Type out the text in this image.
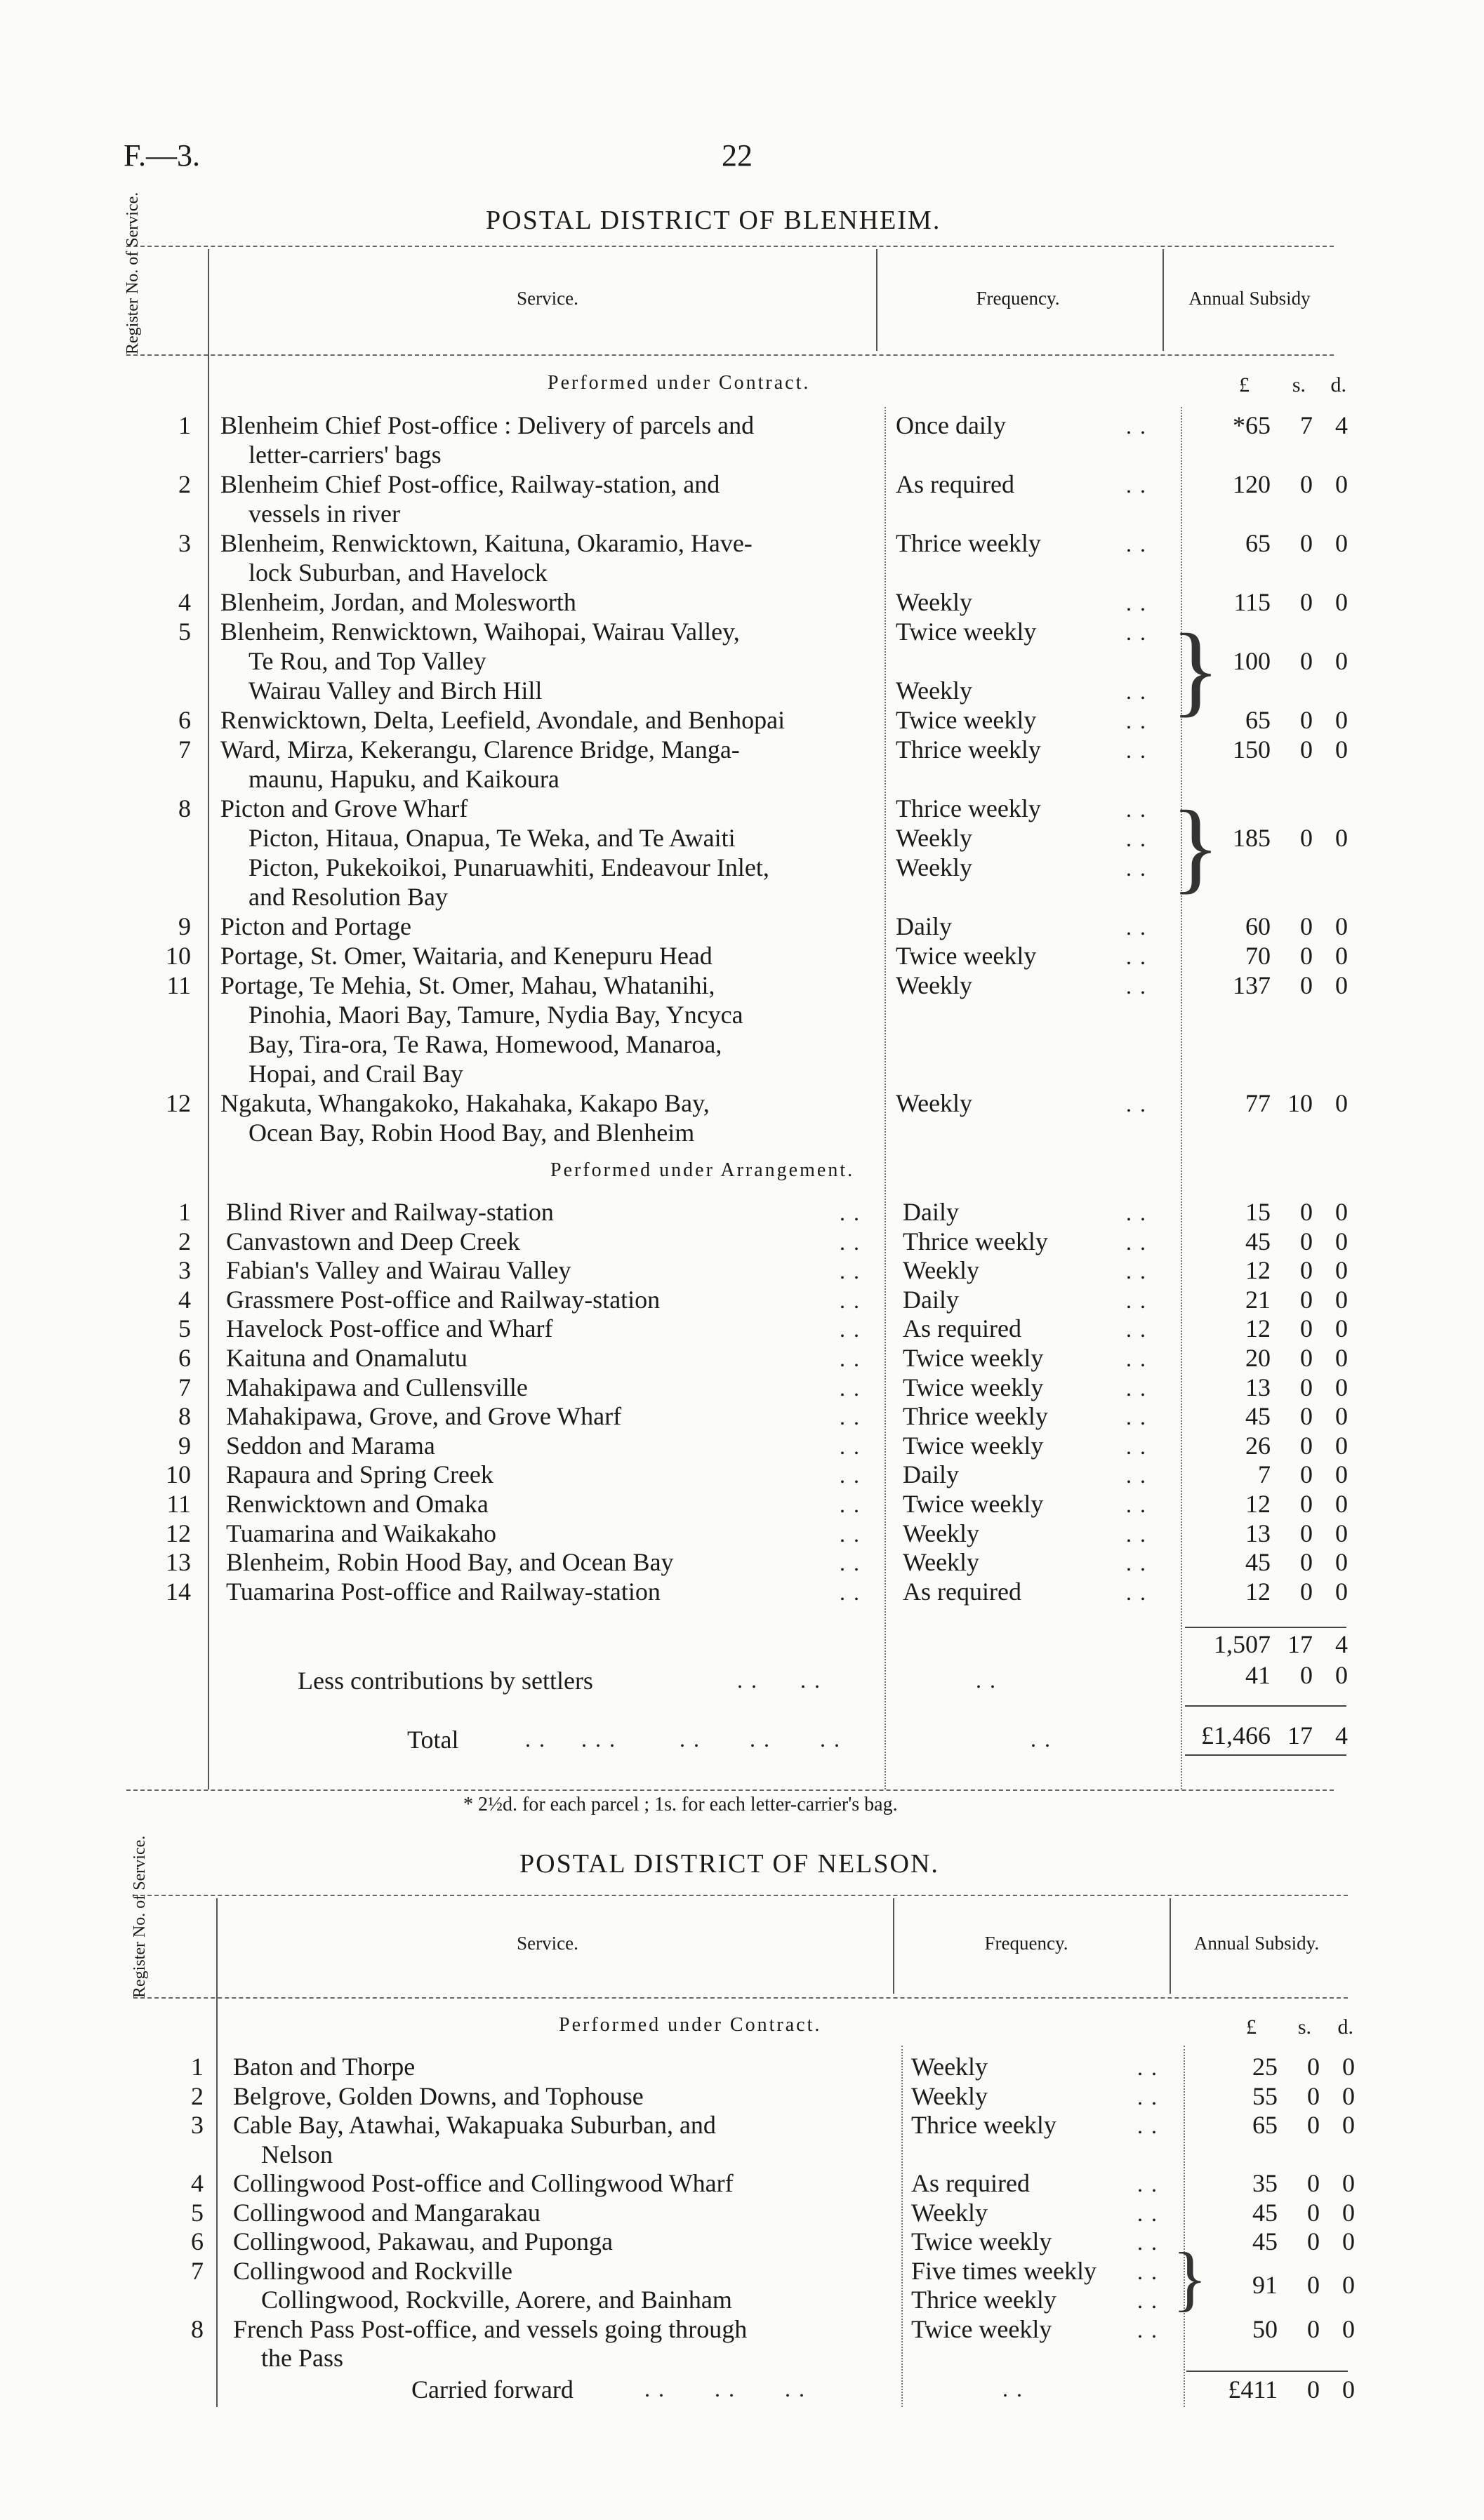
F.—3.	22
POSTAL DISTRICT OF BLENHEIM.
Register No. of Service.	Service.	Frequency.	Annual Subsidy
Performed under Contract.	£	s.	d.
1 Blenheim Chief Post-office : Delivery of parcels and
letter-carriers' bags
Once daily	. .	*65	7 4
2 Blenheim Chief Post-office, Railway-station, and
vessels in river
As required	. .	120	0 0
3 Blenheim, Renwicktown, Kaituna, Okaramio, Have-
lock Suburban, and Havelock
Thrice weekly	. .	65	0 0
4 Blenheim, Jordan, and Molesworth	Weekly	. .	115	0 0
5 Blenheim, Renwicktown, Waihopai, Wairau Valley,
Te Rou, and Top Valley
Wairau Valley and Birch Hill
Twice weekly	. .
Weekly	. . } 100	0 0
6 Renwicktown, Delta, Leefield, Avondale, and Benhopai	Twice weekly	. .	65	0 0
7 Ward, Mirza, Kekerangu, Clarence Bridge, Manga-
maunu, Hapuku, and Kaikoura
Thrice weekly	. .	150	0 0
8 Picton and Grove Wharf
Picton, Hitaua, Onapua, Te Weka, and Te Awaiti
Picton, Pukekoikoi, Punaruawhiti, Endeavour Inlet,
and Resolution Bay
Thrice weekly	. .
Weekly	. .
Weekly	. . } 185	0 0
9 Picton and Portage	Daily	. .	60	0 0
10 Portage, St. Omer, Waitaria, and Kenepuru Head	Twice weekly	. .	70	0 0
11 Portage, Te Mehia, St. Omer, Mahau, Whatanihi,
Pinohia, Maori Bay, Tamure, Nydia Bay, Yncyca
Bay, Tira-ora, Te Rawa, Homewood, Manaroa,
Hopai, and Crail Bay
Weekly	. .	137	0 0
12 Ngakuta, Whangakoko, Hakahaka, Kakapo Bay,
Ocean Bay, Robin Hood Bay, and Blenheim
Weekly	. .	77 10 0
Performed under Arrangement.
1 Blind River and Railway-station	. . Daily	. .	15	0 0
2 Canvastown and Deep Creek	. . Thrice weekly	. .	45	0 0
3 Fabian's Valley and Wairau Valley	. . Weekly	. .	12	0 0
4 Grassmere Post-office and Railway-station	. . Daily	. .	21	0 0
5 Havelock Post-office and Wharf	. . As required	. .	12	0 0
6 Kaituna and Onamalutu	. . Twice weekly	. .	20	0 0
7 Mahakipawa and Cullensville	. . Twice weekly	. .	13	0 0
8 Mahakipawa, Grove, and Grove Wharf	. . Thrice weekly	. .	45	0 0
9 Seddon and Marama	. . Twice weekly	. .	26	0 0
10 Rapaura and Spring Creek	. . Daily	. .	7	0 0
11 Renwicktown and Omaka	. . Twice weekly	. .	12	0 0
12 Tuamarina and Waikakaho	. . Weekly	. .	13	0 0
13 Blenheim, Robin Hood Bay, and Ocean Bay	. . Weekly	. .	45	0 0
14 Tuamarina Post-office and Railway-station	. . As required	. .	12	0 0
1,507 17 4
Less contributions by settlers	. .      . .                      . .	41	0 0
Total	. .     . . .         . .       . .       . .                           . .	£1,466 17 4
* 2½d. for each parcel ; 1s. for each letter-carrier's bag.
POSTAL DISTRICT OF NELSON.
Register No. of Service.	Service.	Frequency.	Annual Subsidy.
Performed under Contract.	£	s.	d.
1 Baton and Thorpe	Weekly	. .	25	0 0
2 Belgrove, Golden Downs, and Tophouse	Weekly	. .	55	0 0
3 Cable Bay, Atawhai, Wakapuaka Suburban, and
Nelson
Thrice weekly	. .	65	0 0
4 Collingwood Post-office and Collingwood Wharf	As required	. .	35	0 0
5 Collingwood and Mangarakau	Weekly	. .	45	0 0
6 Collingwood, Pakawau, and Puponga	Twice weekly	. .	45	0 0
7 Collingwood and Rockville
Collingwood, Rockville, Aorere, and Bainham
Five times weekly . .
Thrice weekly	. . }	91	0 0
8 French Pass Post-office, and vessels going through
the Pass
Twice weekly	. .	50	0 0
Carried forward	. .       . .       . .                            . .	£411	0 0
